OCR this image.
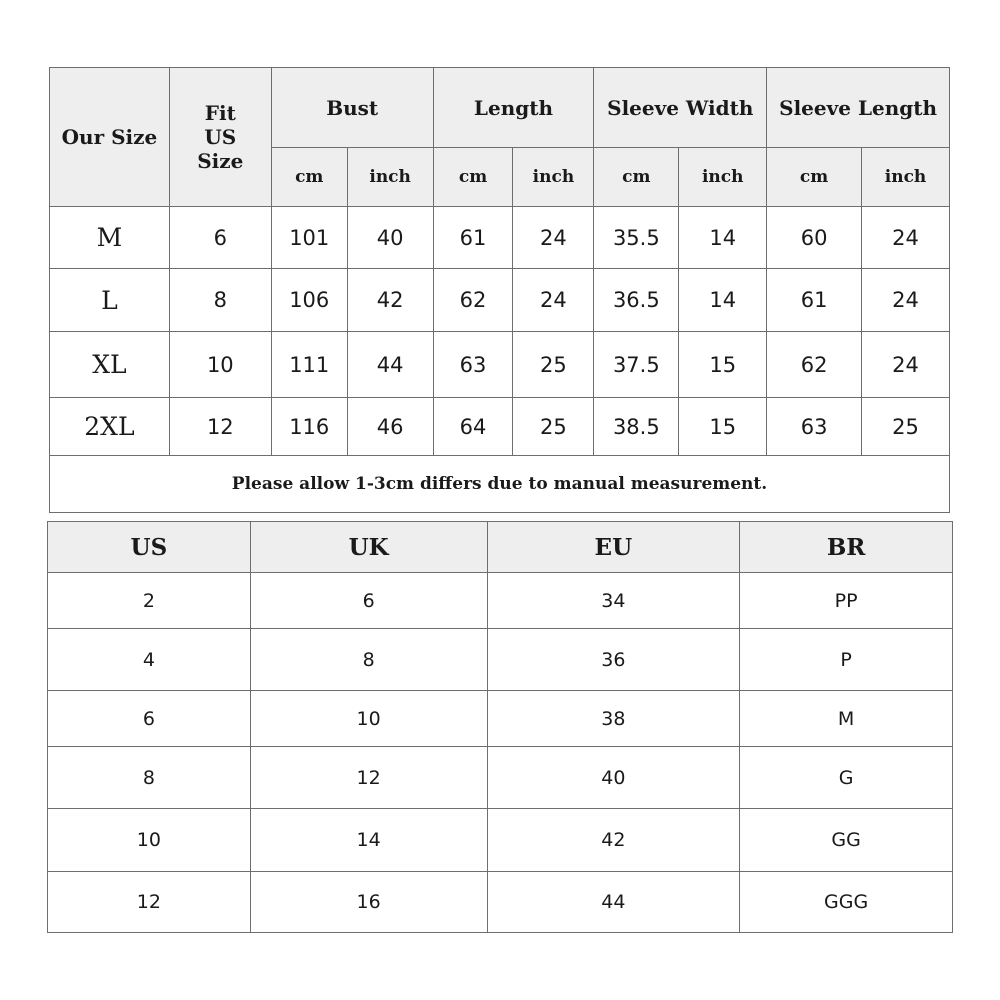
Our Size	Fit US Size	Bust		Length		Sleeve Width		Sleeve Length	
		cm	inch	cm	inch	cm	inch	cm	inch
M	6	101	40	61	24	35.5	14	60	24
L	8	106	42	62	24	36.5	14	61	24
XL	10	111	44	63	25	37.5	15	62	24
2XL	12	116	46	64	25	38.5	15	63	25
Please allow 1-3cm differs due to manual measurement.									
US	UK	EU	BR
2	6	34	PP
4	8	36	P
6	10	38	M
8	12	40	G
10	14	42	GG
12	16	44	GGG
